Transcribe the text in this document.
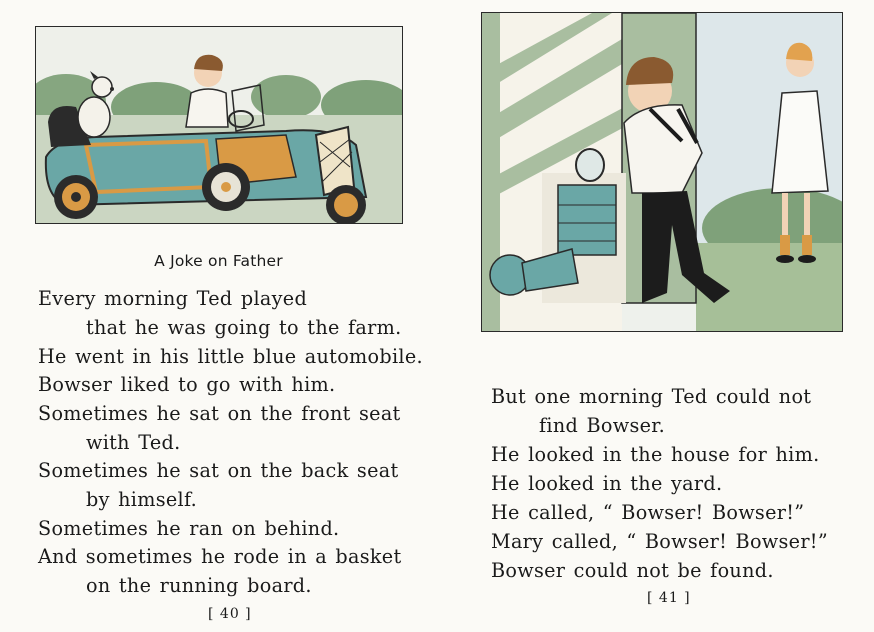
A Joke on Father
Every morning Ted played
that he was going to the farm.
He went in his little blue automobile.
Bowser liked to go with him.
Sometimes he sat on the front seat
with Ted.
Sometimes he sat on the back seat
by himself.
Sometimes he ran on behind.
And sometimes he rode in a basket
on the running board.
[ 40 ]
But one morning Ted could not
find Bowser.
He looked in the house for him.
He looked in the yard.
He called, “ Bowser! Bowser!”
Mary called, “ Bowser! Bowser!”
Bowser could not be found.
[ 41 ]
